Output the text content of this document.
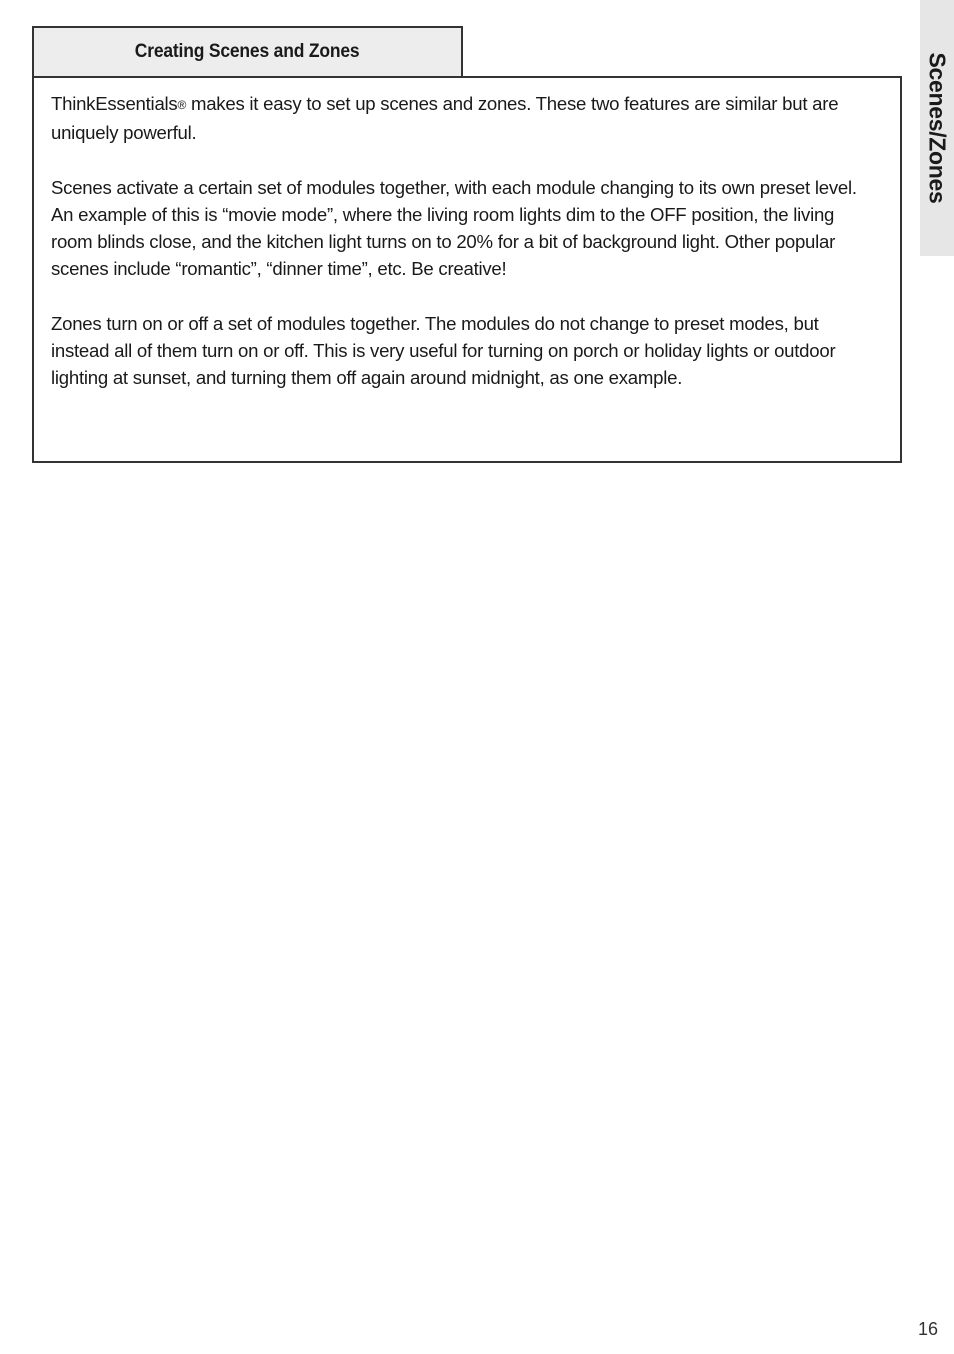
Creating Scenes and Zones

ThinkEssentials® makes it easy to set up scenes and zones. These two features are similar but are uniquely powerful.

Scenes activate a certain set of modules together, with each module changing to its own preset level. An example of this is “movie mode”, where the living room lights dim to the OFF position, the living room blinds close, and the kitchen light turns on to 20% for a bit of background light. Other popular scenes include “romantic”, “dinner time”, etc. Be creative!

Zones turn on or off a set of modules together. The modules do not change to preset modes, but instead all of them turn on or off. This is very useful for turning on porch or holiday lights or outdoor lighting at sunset, and turning them off again around midnight, as one example.

Scenes/Zones
16
